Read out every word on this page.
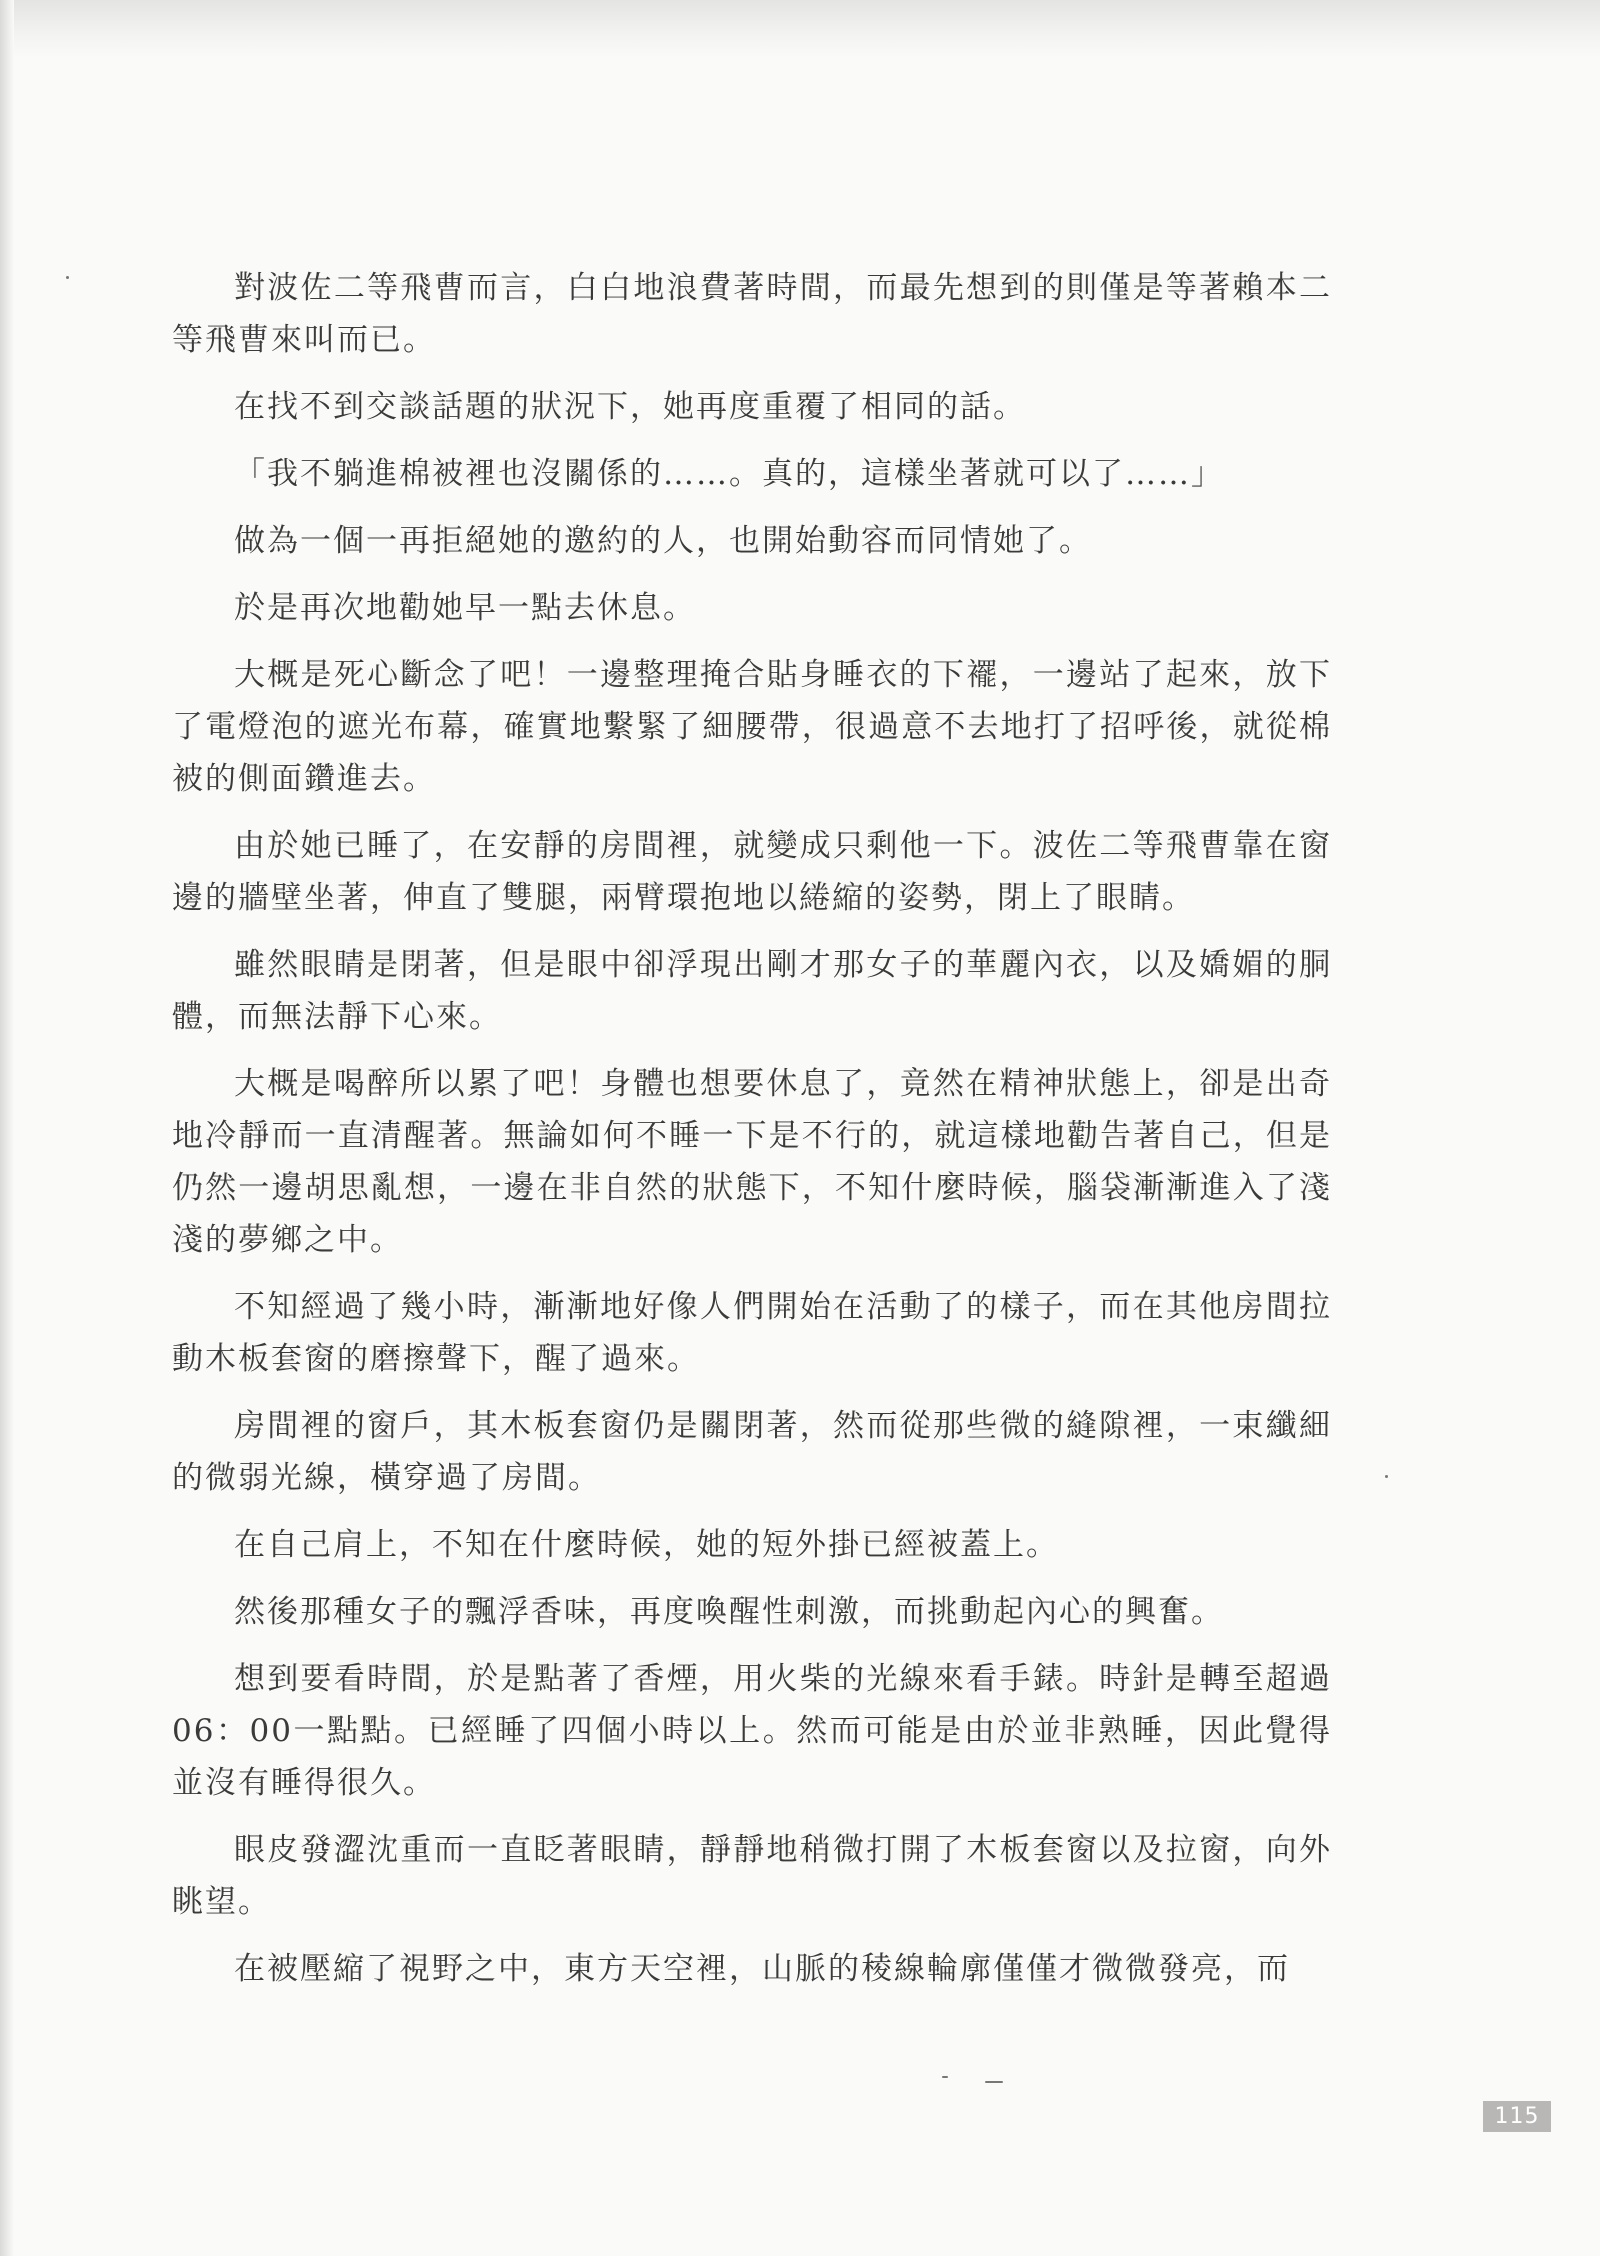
對波佐二等飛曹而言，白白地浪費著時間，而最先想到的則僅是等著賴本二等飛曹來叫而已。

在找不到交談話題的狀況下，她再度重覆了相同的話。

「我不躺進棉被裡也沒關係的……。真的，這樣坐著就可以了……」

做為一個一再拒絕她的邀約的人，也開始動容而同情她了。

於是再次地勸她早一點去休息。

大概是死心斷念了吧！一邊整理掩合貼身睡衣的下襬，一邊站了起來，放下了電燈泡的遮光布幕，確實地繫緊了細腰帶，很過意不去地打了招呼後，就從棉被的側面鑽進去。

由於她已睡了，在安靜的房間裡，就變成只剩他一下。波佐二等飛曹靠在窗邊的牆壁坐著，伸直了雙腿，兩臂環抱地以綣縮的姿勢，閉上了眼睛。

雖然眼睛是閉著，但是眼中卻浮現出剛才那女子的華麗內衣，以及嬌媚的胴體，而無法靜下心來。

大概是喝醉所以累了吧！身體也想要休息了，竟然在精神狀態上，卻是出奇地冷靜而一直清醒著。無論如何不睡一下是不行的，就這樣地勸告著自己，但是仍然一邊胡思亂想，一邊在非自然的狀態下，不知什麼時候，腦袋漸漸進入了淺淺的夢鄉之中。

不知經過了幾小時，漸漸地好像人們開始在活動了的樣子，而在其他房間拉動木板套窗的磨擦聲下，醒了過來。

房間裡的窗戶，其木板套窗仍是關閉著，然而從那些微的縫隙裡，一束纖細的微弱光線，橫穿過了房間。

在自己肩上，不知在什麼時候，她的短外掛已經被蓋上。

然後那種女子的飄浮香味，再度喚醒性刺激，而挑動起內心的興奮。

想到要看時間，於是點著了香煙，用火柴的光線來看手錶。時針是轉至超過06：00一點點。已經睡了四個小時以上。然而可能是由於並非熟睡，因此覺得並沒有睡得很久。

眼皮發澀沈重而一直眨著眼睛，靜靜地稍微打開了木板套窗以及拉窗，向外眺望。

在被壓縮了視野之中，東方天空裡，山脈的稜線輪廓僅僅才微微發亮，而

115
